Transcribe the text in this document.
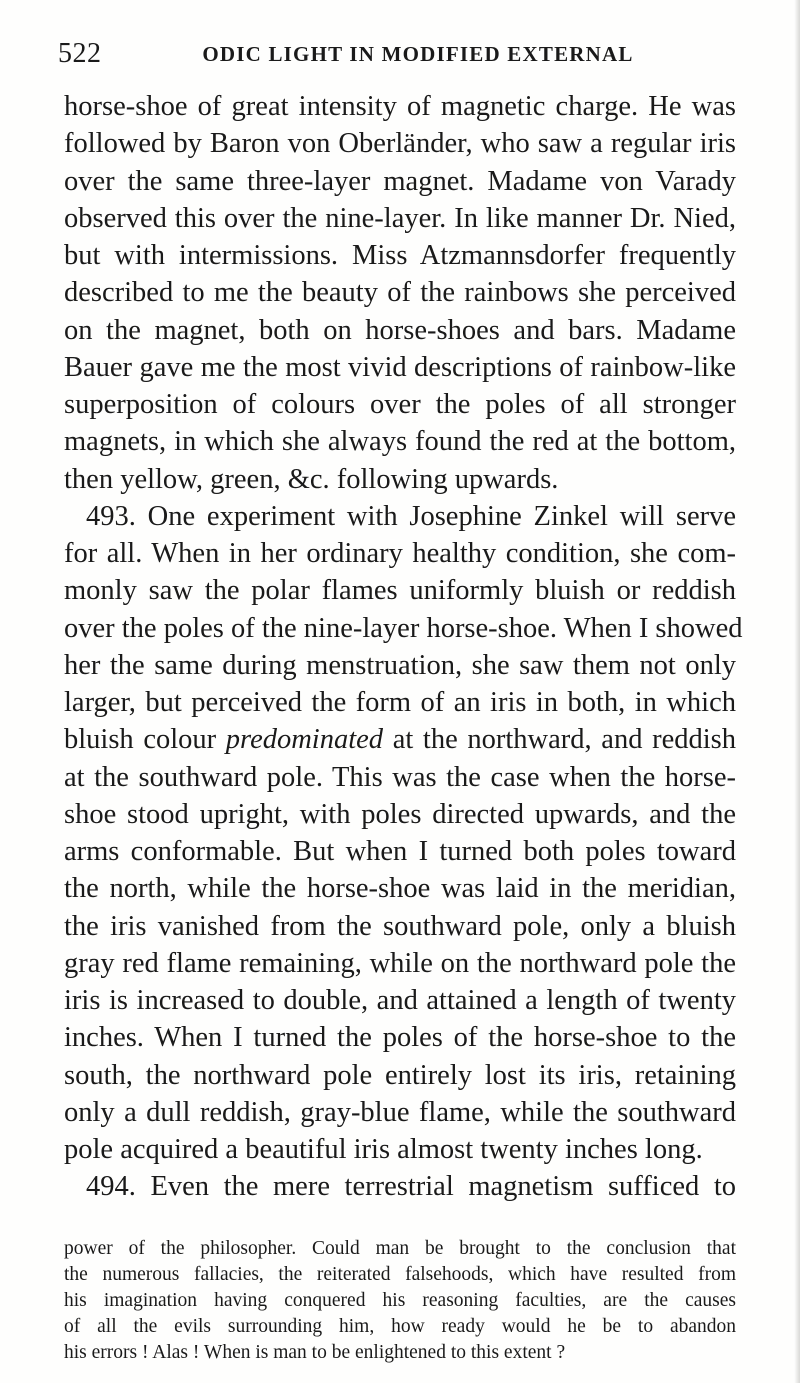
522	ODIC LIGHT IN MODIFIED EXTERNAL
horse-shoe of great intensity of magnetic charge. He was
followed by Baron von Oberländer, who saw a regular iris
over the same three-layer magnet. Madame von Varady
observed this over the nine-layer. In like manner Dr. Nied,
but with intermissions. Miss Atzmannsdorfer frequently
described to me the beauty of the rainbows she perceived
on the magnet, both on horse-shoes and bars. Madame
Bauer gave me the most vivid descriptions of rainbow-like
superposition of colours over the poles of all stronger
magnets, in which she always found the red at the bottom,
then yellow, green, &c. following upwards.
493. One experiment with Josephine Zinkel will serve
for all. When in her ordinary healthy condition, she com-
monly saw the polar flames uniformly bluish or reddish
over the poles of the nine-layer horse-shoe. When I showed
her the same during menstruation, she saw them not only
larger, but perceived the form of an iris in both, in which
bluish colour predominated at the northward, and reddish
at the southward pole. This was the case when the horse-
shoe stood upright, with poles directed upwards, and the
arms conformable. But when I turned both poles toward
the north, while the horse-shoe was laid in the meridian,
the iris vanished from the southward pole, only a bluish
gray red flame remaining, while on the northward pole the
iris is increased to double, and attained a length of twenty
inches. When I turned the poles of the horse-shoe to the
south, the northward pole entirely lost its iris, retaining
only a dull reddish, gray-blue flame, while the southward
pole acquired a beautiful iris almost twenty inches long.
494. Even the mere terrestrial magnetism sufficed to
power of the philosopher. Could man be brought to the conclusion that
the numerous fallacies, the reiterated falsehoods, which have resulted from
his imagination having conquered his reasoning faculties, are the causes
of all the evils surrounding him, how ready would he be to abandon
his errors ! Alas ! When is man to be enlightened to this extent ?
